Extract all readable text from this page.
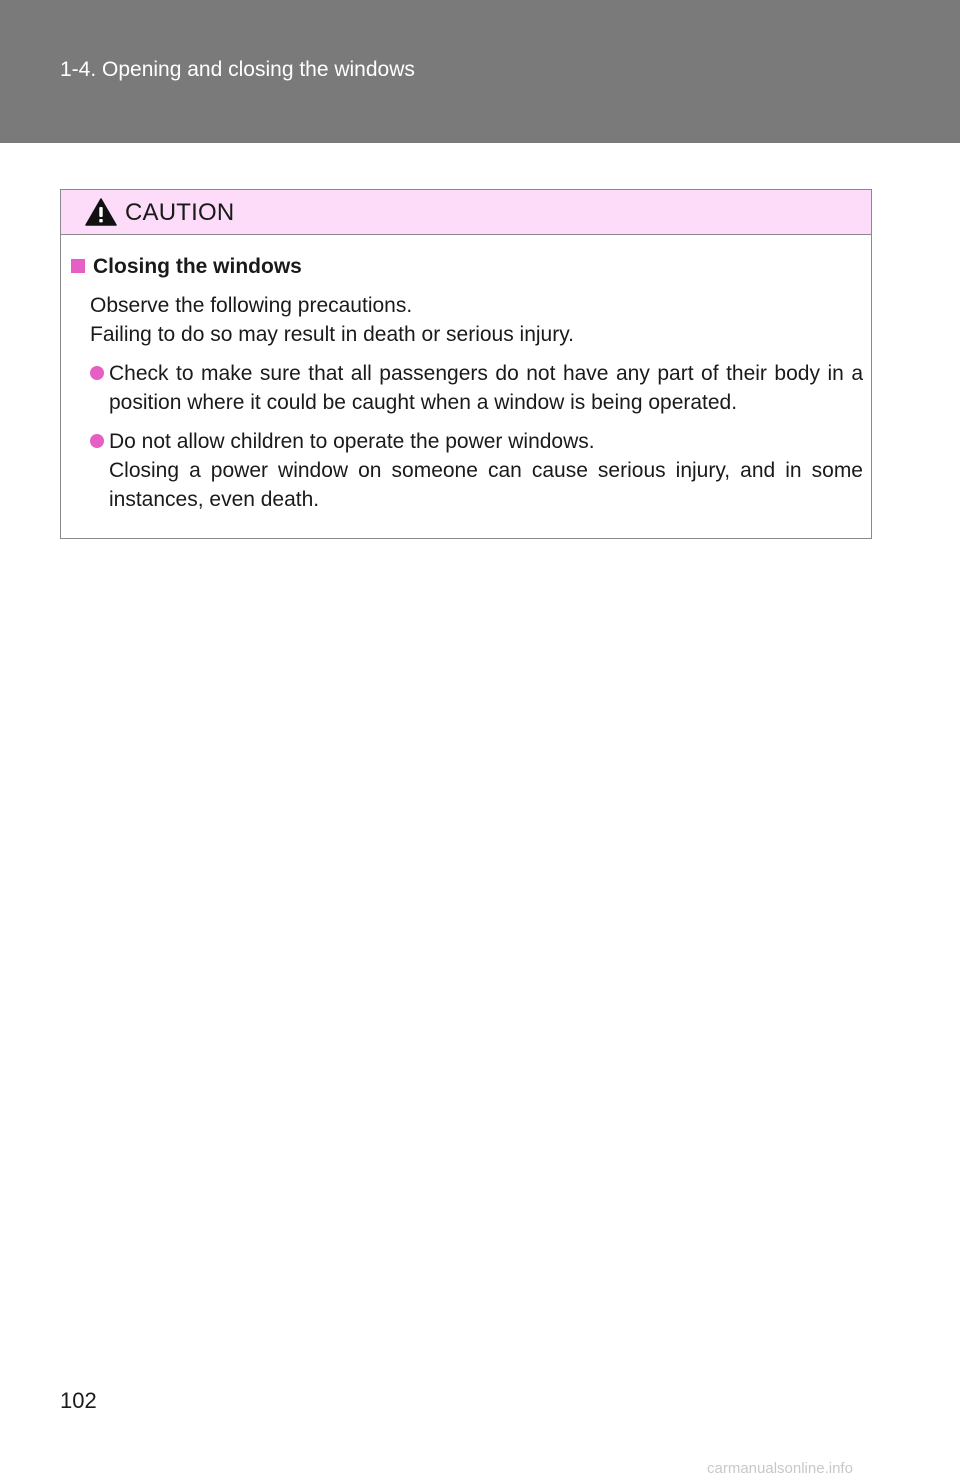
1-4. Opening and closing the windows
CAUTION
Closing the windows
Observe the following precautions.
Failing to do so may result in death or serious injury.
Check to make sure that all passengers do not have any part of their body in a position where it could be caught when a window is being operated.
Do not allow children to operate the power windows.
Closing a power window on someone can cause serious injury, and in some instances, even death.
102
carmanualsonline.info
